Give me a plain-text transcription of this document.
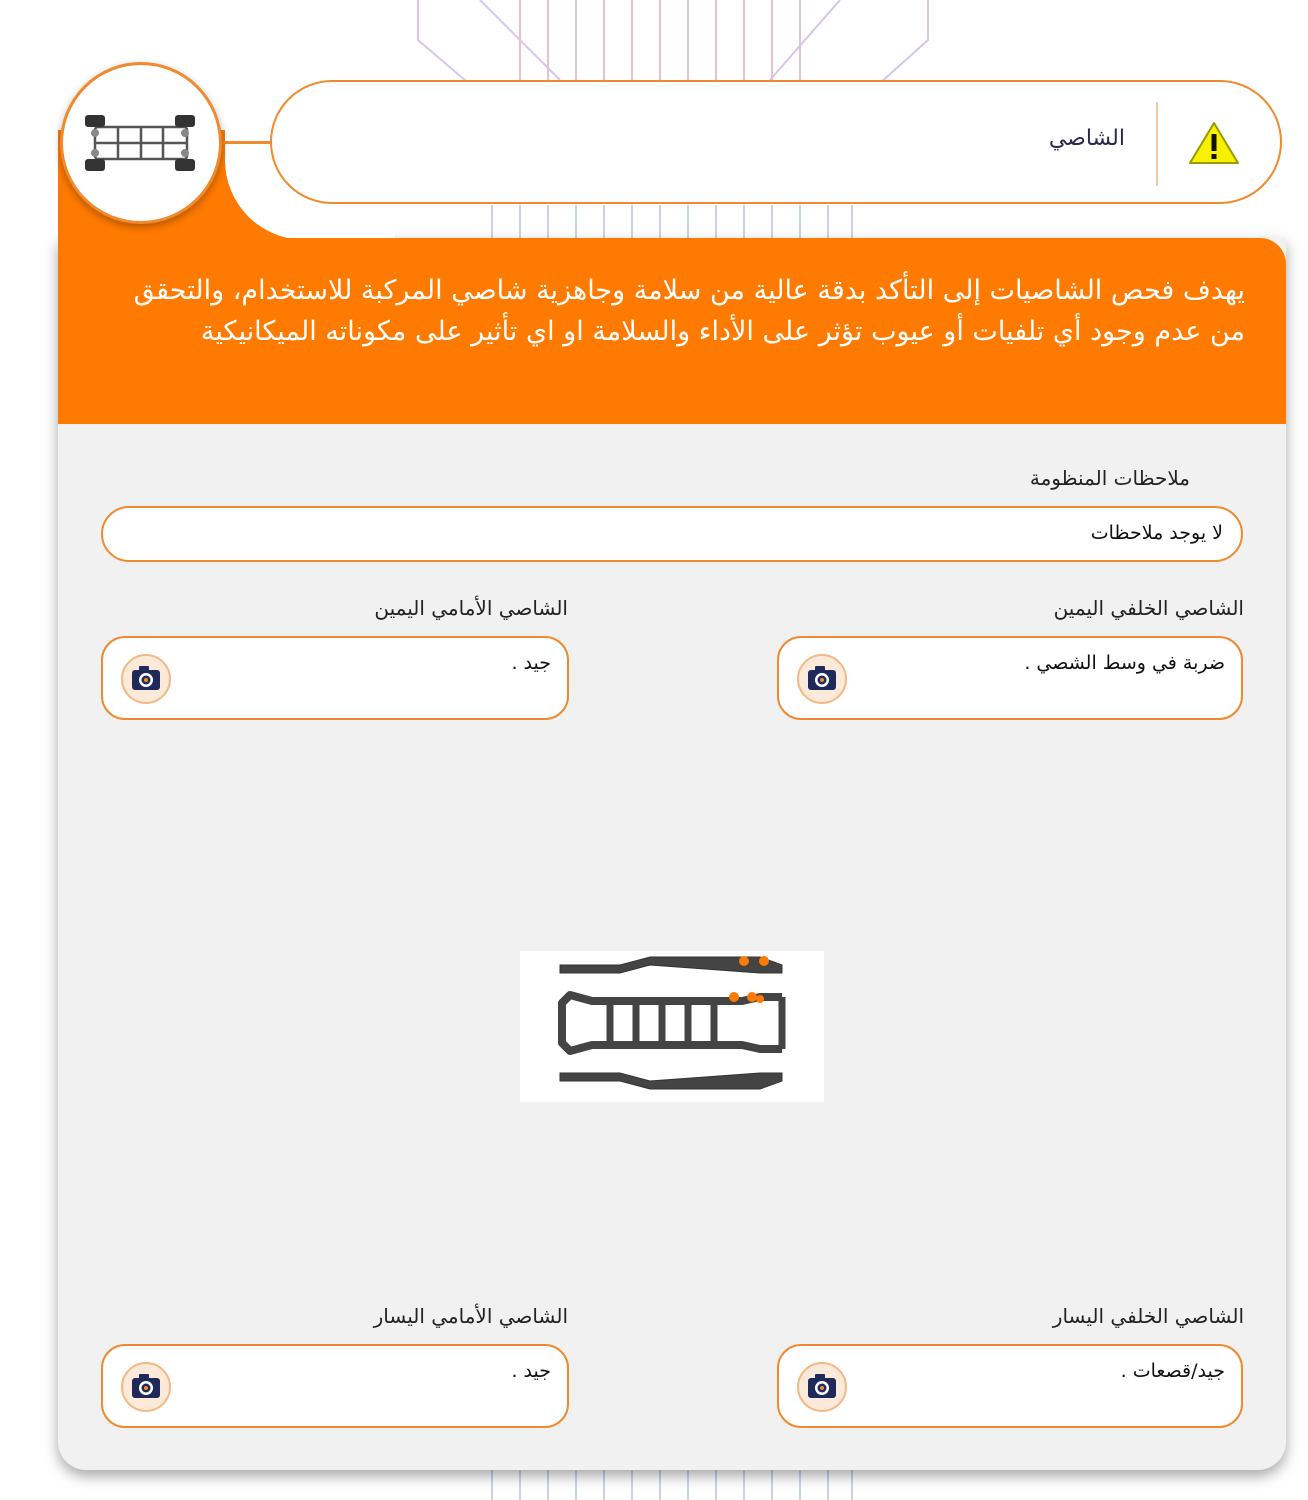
يهدف فحص الشاصيات إلى التأكد بدقة عالية من سلامة وجاهزية شاصي المركبة للاستخدام، والتحقق من عدم وجود أي تلفيات أو عيوب تؤثر على الأداء والسلامة او اي تأثير على مكوناته الميكانيكية
الشاصي
ملاحظات المنظومة
لا يوجد ملاحظات
الشاصي الخلفي اليمين
ضربة في وسط الشصي .
الشاصي الأمامي اليمين
جيد .
الشاصي الخلفي اليسار
جيد/قصعات .
الشاصي الأمامي اليسار
جيد .
